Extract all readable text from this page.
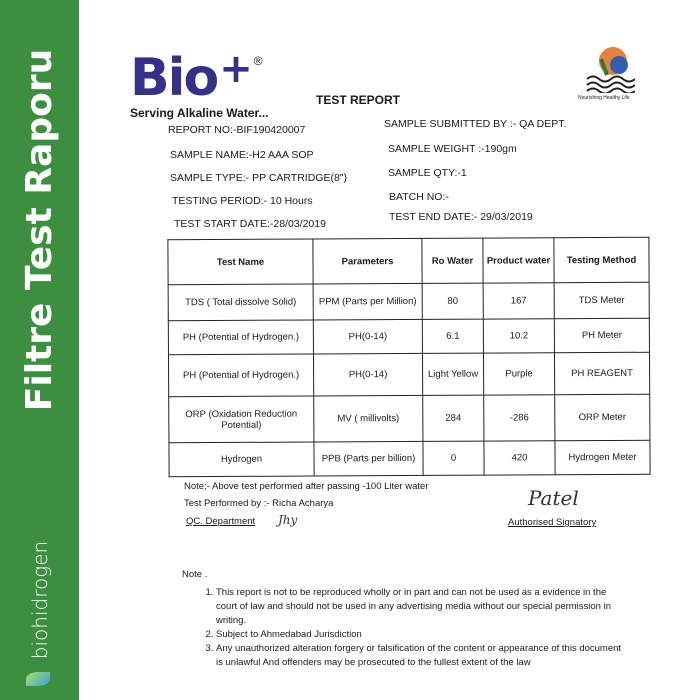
Filtre Test Raporu
biohidrogen
Bio + ®
Serving Alkaline Water...
Nourishing Healthy Life
TEST REPORT
REPORT NO:-BIF190420007
SAMPLE NAME:-H2 AAA SOP
SAMPLE TYPE:- PP CARTRIDGE(8")
TESTING PERIOD:- 10 Hours
TEST START DATE:-28/03/2019
SAMPLE SUBMITTED BY :- QA DEPT.
SAMPLE WEIGHT :-190gm
SAMPLE QTY:-1
BATCH NO:-
TEST END DATE:- 29/03/2019
Test Name	Parameters	Ro Water	Product water	Testing Method
TDS ( Total dissolve Solid)	PPM (Parts per Million)	80	167	TDS Meter
PH (Potential of Hydrogen.)	PH(0-14)	6.1	10.2	PH Meter
PH (Potential of Hydrogen.)	PH(0-14)	Light Yellow	Purple	PH REAGENT
ORP (Oxidation Reduction Potential)	MV ( millivolts)	284	-286	ORP Meter
Hydrogen	PPB (Parts per billion)	0	420	Hydrogen Meter
Note;- Above test performed after passing -100 Liter water
Test Performed by :- Richa Acharya
Jhy
QC. Department
Patel
Authorised Signatory
Note .
1. This report is not to be reproduced wholly or in part and can not be used as a evidence in the court of law and should not be used in any advertising media without our special permission in writing.
2. Subject to Ahmedabad Jurisdiction
3. Any unauthorized alteration forgery or falsification of the content or appearance of this document is unlawful And offenders may be prosecuted to the fullest extent of the law
